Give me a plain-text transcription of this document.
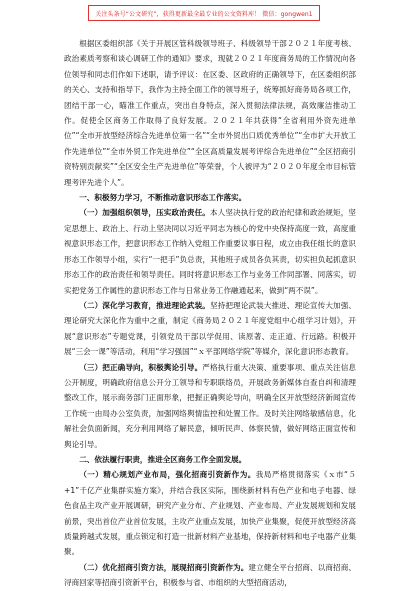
关注头条号“公文研究”，获得更新最全最专业的公文资料库！ 微信：gongwen1

根据区委组织部《关于开展区管科级领导班子、科级领导干部２０２１年度考核、政治素质考察和谈心调研工作的通知》要求，现就２０２１年度商务局的工作情况向各位领导和同志们作如下述职，请予评议：在区委、区政府的正确领导下，在区委组织部的关心、支持和指导下，我作为主持全面工作的领导班子，统筹抓好商务局各项工作，团结干部一心，瞄准工作重点，突出自身特点，深入贯彻法律法规，高效廉洁推动工作。促使全区商务工作取得了良好发展。２０２１年共获得“全省利用外资先进单位”“全市开放型经济综合先进单位第一名”“全市外贸出口质优秀单位”“全市扩大开放工作先进单位”“全市外贸工作先进单位”“全区高质量发展考评综合先进单位”“全区招商引资特别贡献奖”“全区安全生产先进单位”等荣誉，个人被评为“２０２０年度全市目标管理考评先进个人”。

一、积极努力学习，不断推动意识形态工作落实。

（一）加强组织领导，压实政治责任。本人坚决执行党的政治纪律和政治规矩，坚定思想上、政治上、行动上坚决同以习近平同志为核心的党中央保持高度一致，高度重视意识形态工作，把意识形态工作纳入党组工作重要议事日程，成立由我任组长的意识形态工作领导小组，实行“一把手”负总责，其他班子成员各负其责，切实担负起抓意识形态工作的政治责任和领导责任。同时将意识形态工作与业务工作同部署、同落实，切实把党务工作属性的意识形态工作与日常业务工作融通起来，做到“两不误”。

（二）深化学习教育，推进理论武装。坚持把理论武装大推进、理论宣传大加强、理论研究大深化作为重中之重，制定《商务局２０２１年度党组中心组学习计划》，开展“意识形态”专题党课，引领党员干部以学促用、读原著、走正道、行远路。积极开展“三会一课”等活动，利用“学习强国”“ｘ平部网络学院”等媒介，深化意识形态教育。

（三）把正确导向，积极舆论引导。严格执行重大决策、重要事项、重点关注信息公开制度，明确政府信息公开分工领导和专职联络员，开展政务新媒体自查自纠和清理整改工作，展示商务部门正面形象，把握正确舆论导向，明确全区开放型经济新闻宣传工作统一由局办公室负责，加强网络舆情监控和处置工作。及时关注网络敏感信息，化解社会负面新闻，充分利用网络了解民意，倾听民声、体察民情，做好网络正面宣传和舆论引导。

二、依法履行职责，推进全区商务工作全面发展。

（一）精心规划产业布局，强化招商引资新作为。我局严格贯彻落实《ｘ市“５+1”千亿产业集群实施方案》，并结合我区实际，围绕新材料有色产业和电子电器、绿色食品主攻产业开展调研，研究产业分布、产业规划、产业布局、产业发展规划和发展前景，突出首位产业首位发展，主攻产业重点发展，加快产业集聚，促使开放型经济高质量跨越式发展，重点锁定和打造一批新材料产业基地，保持新材料和电子电器产业集聚。

（二）优化招商引资方法，展现招商引资新作为。建立健全平台招商、以商招商、浔商回家等招商引资新平台，积极参与省、市组织的大型招商活动，
